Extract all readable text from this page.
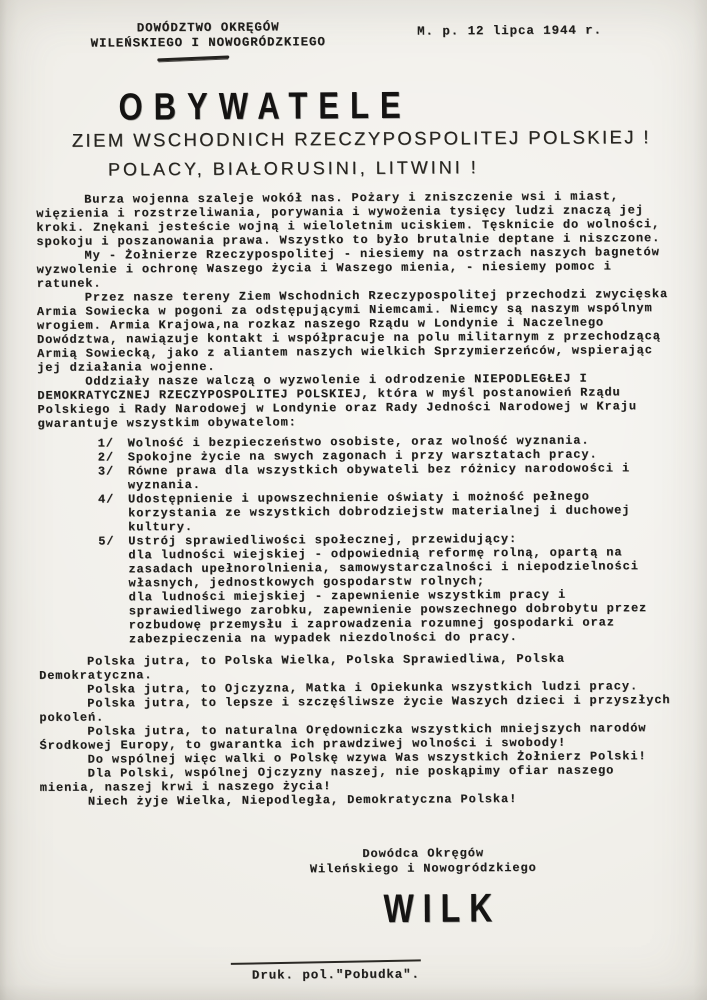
DOWÓDZTWO OKRĘGÓW
WILEŃSKIEGO I NOWOGRÓDZKIEGO
M. p. 12 lipca 1944 r.
OBYWATELE
ZIEM WSCHODNICH RZECZYPOSPOLITEJ POLSKIEJ !
POLACY, BIAŁORUSINI, LITWINI !
Burza wojenna szaleje wokół nas. Pożary i zniszczenie wsi i miast, więzienia i rozstrzeliwania, porywania i wywożenia tysięcy ludzi znaczą jej kroki. Znękani jesteście wojną i wieloletnim uciskiem. Tęsknicie do wolności, spokoju i poszanowania prawa. Wszystko to było brutalnie deptane i niszczone.
My - Żołnierze Rzeczypospolitej - niesiemy na ostrzach naszych bagnetów wyzwolenie i ochronę Waszego życia i Waszego mienia, - niesiemy pomoc i ratunek.
Przez nasze tereny Ziem Wschodnich Rzeczypospolitej przechodzi zwycięska Armia Sowiecka w pogoni za odstępującymi Niemcami. Niemcy są naszym wspólnym wrogiem. Armia Krajowa,na rozkaz naszego Rządu w Londynie i Naczelnego Dowództwa, nawiązuje kontakt i współpracuje na polu militarnym z przechodzącą Armią Sowiecką, jako z aliantem naszych wielkich Sprzymierzeńców, wspierając jej działania wojenne.
Oddziały nasze walczą o wyzwolenie i odrodzenie NIEPODLEGŁEJ I DEMOKRATYCZNEJ RZECZYPOSPOLITEJ POLSKIEJ, która w myśl postanowień Rządu Polskiego i Rady Narodowej w Londynie oraz Rady Jedności Narodowej w Kraju gwarantuje wszystkim obywatelom:
1/	Wolność i bezpieczeństwo osobiste, oraz wolność wyznania.
2/	Spokojne życie na swych zagonach i przy warsztatach pracy.
3/	Równe prawa dla wszystkich obywateli bez różnicy narodowości i wyznania.
4/	Udostępnienie i upowszechnienie oświaty i możność pełnego korzystania ze wszystkich dobrodziejstw materialnej i duchowej kultury.
5/	Ustrój sprawiedliwości społecznej, przewidujący:
dla ludności wiejskiej - odpowiednią reformę rolną, opartą na zasadach upełnorolnienia, samowystarczalności i niepodzielności własnych, jednostkowych gospodarstw rolnych;
dla ludności miejskiej - zapewnienie wszystkim pracy i sprawiedliwego zarobku, zapewnienie powszechnego dobrobytu przez rozbudowę przemysłu i zaprowadzenia rozumnej gospodarki oraz zabezpieczenia na wypadek niezdolności do pracy.
Polska jutra, to Polska Wielka, Polska Sprawiedliwa, Polska Demokratyczna.
Polska jutra, to Ojczyzna, Matka i Opiekunka wszystkich ludzi pracy.
Polska jutra, to lepsze i szczęśliwsze życie Waszych dzieci i przyszłych pokoleń.
Polska jutra, to naturalna Orędowniczka wszystkich mniejszych narodów Środkowej Europy, to gwarantka ich prawdziwej wolności i swobody!
Do wspólnej więc walki o Polskę wzywa Was wszystkich Żołnierz Polski!
Dla Polski, wspólnej Ojczyzny naszej, nie poskąpimy ofiar naszego mienia, naszej krwi i naszego życia!
Niech żyje Wielka, Niepodległa, Demokratyczna Polska!
Dowódca Okręgów
Wileńskiego i Nowogródzkiego
WILK
Druk. pol."Pobudka".
